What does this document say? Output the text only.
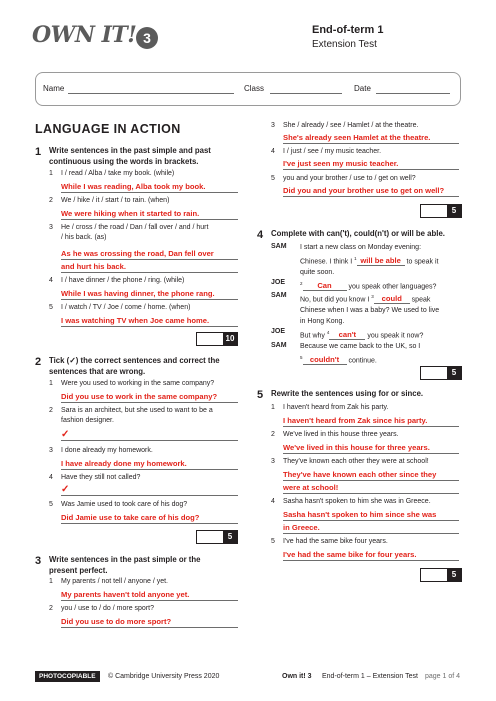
OWN IT! 3	End-of-term 1
Extension Test
Name	Class	Date
LANGUAGE IN ACTION
1 Write sentences in the past simple and past
continuous using the words in brackets.
1	I / read / Alba / take my book. (while)
While I was reading, Alba took my book.
2	We / hike / it / start / to rain. (when)
We were hiking when it started to rain.
3	He / cross / the road / Dan / fall over / and / hurt
/ his back. (as)
As he was crossing the road, Dan fell over
and hurt his back.
4	I / have dinner / the phone / ring. (while)
While I was having dinner, the phone rang.
5	I / watch / TV / Joe / come / home. (when)
I was watching TV when Joe came home.
10
2 Tick (✓) the correct sentences and correct the
sentences that are wrong.
1	Were you used to working in the same company?
Did you use to work in the same company?
2	Sara is an architect, but she used to want to be a
fashion designer.
✓
3	I done already my homework.
I have already done my homework.
4	Have they still not called?
✓
5	Was Jamie used to took care of his dog?
Did Jamie use to take care of his dog?
5
3 Write sentences in the past simple or the
present perfect.
1	My parents / not tell / anyone / yet.
My parents haven't told anyone yet.
2	you / use to / do / more sport?
Did you use to do more sport?
3	She / already / see / Hamlet / at the theatre.
She's already seen Hamlet at the theatre.
4	I / just / see / my music teacher.
I've just seen my music teacher.
5	you and your brother / use to / get on well?
Did you and your brother use to get on well?
5
4 Complete with can('t), could(n't) or will be able.
SAM I start a new class on Monday evening:
Chinese. I think I $^1$ will be able to speak it
quite soon.
JOE	$^2$ Can you speak other languages?
SAM
No, but did you know I $^3$ could speak
Chinese when I was a baby? We used to live
in Hong Kong.
JOE
But why $^4$ can't you speak it now?
SAM Because we came back to the UK, so I
$^5$ couldn't continue.
5
5 Rewrite the sentences using for or since.
1	I haven't heard from Zak his party.
I haven't heard from Zak since his party.
2	We've lived in this house three years.
We've lived in this house for three years.
3	They've known each other they were at school!
They've have known each other since they
were at school!
4	Sasha hasn't spoken to him she was in Greece.
Sasha hasn't spoken to him since she was
in Greece.
5	I've had the same bike four years.
I've had the same bike for four years.
5
PHOTOCOPIABLE	© Cambridge University Press 2020	Own it! 3 End-of-term 1 – Extension Test page 1 of 4
